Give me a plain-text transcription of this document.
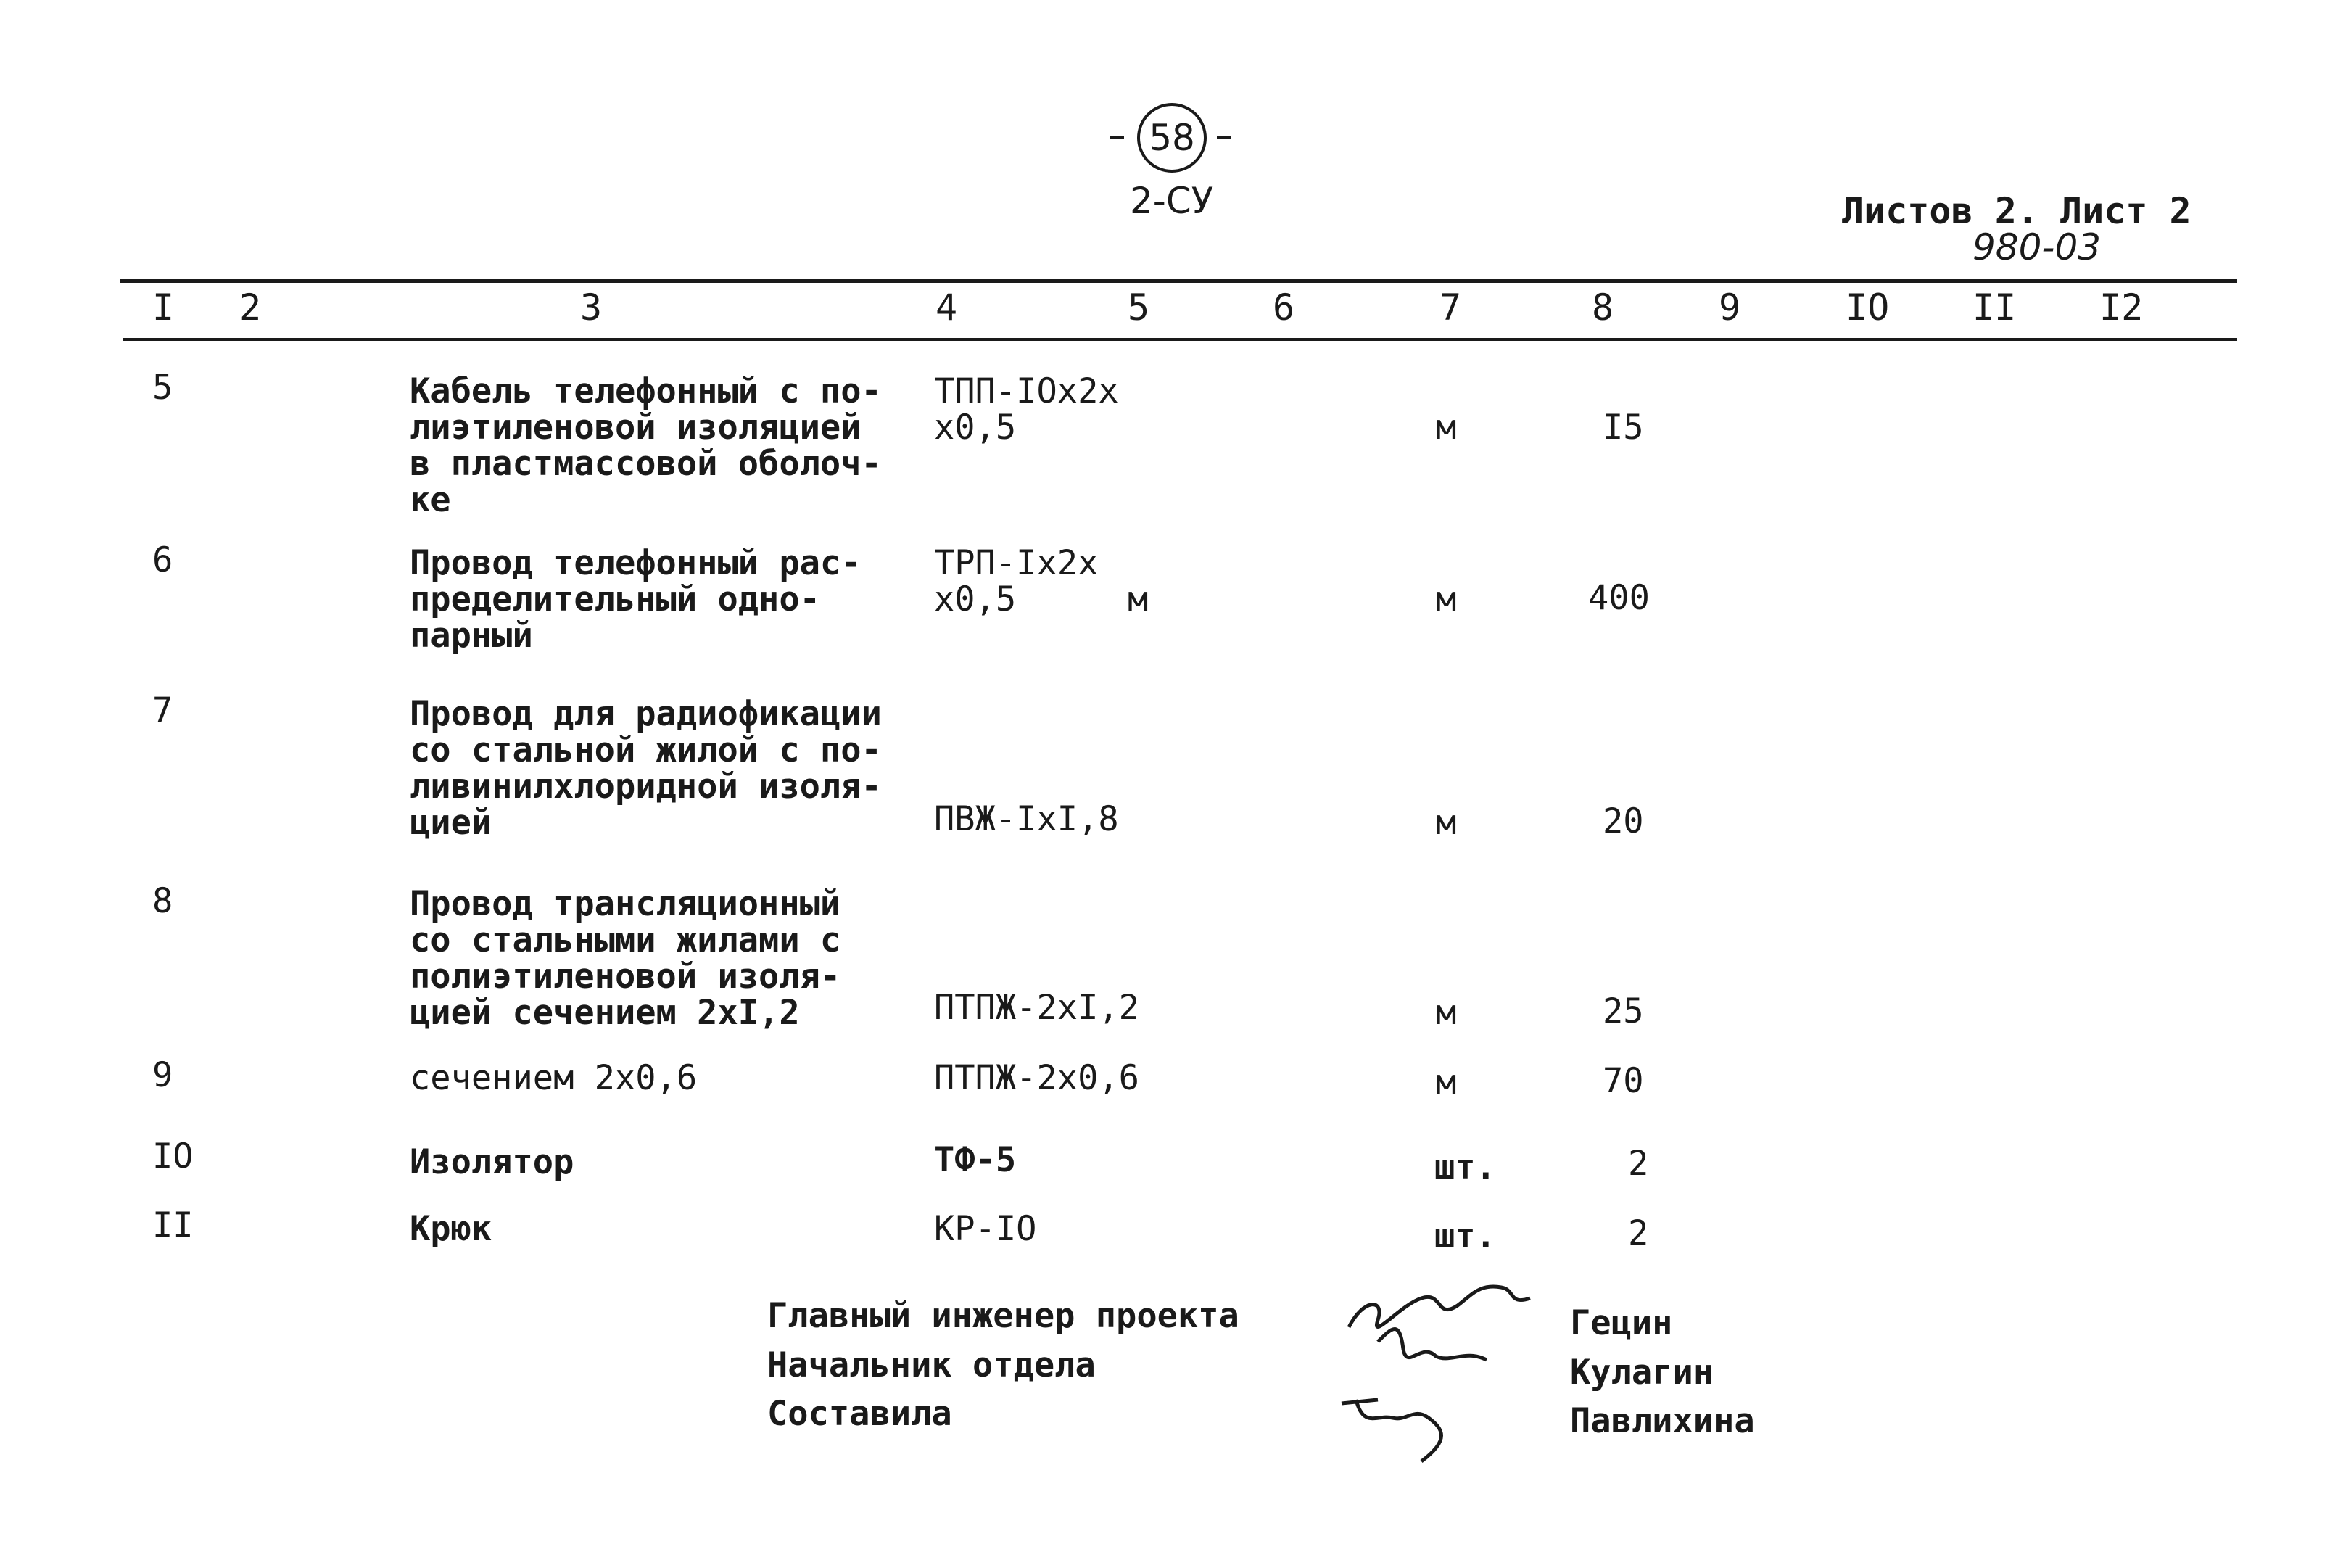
58
2-СУ	Листов 2. Лист 2
980-03
I 2	3	4	5	6	7	8	9	IO II I2
5	Кабель телефонный с по-
лиэтиленовой изоляцией
в пластмассовой оболоч-
ке
ТПП-IOx2x
x0,5	м	I5
6	Провод телефонный рас-
пределительный одно-
парный
ТРП-Ix2x
x0,5	м	м	400
7	Провод для радиофикации
со стальной жилой с по-
ливинилхлоридной изоля-
цией	ПВЖ-IxI,8	м	20
8	Провод трансляционный
со стальными жилами с
полиэтиленовой изоля-
цией сечением 2xI,2	ПТПЖ-2xI,2	м	25
9	сечением 2x0,6	ПТПЖ-2x0,6	м	70
IO	Изолятор	ТФ-5	шт.	2
II	Крюк	КР-IO	шт.	2
Главный инженер проекта
Начальник отдела
Составила
Гецин
Кулагин
Павлихина
